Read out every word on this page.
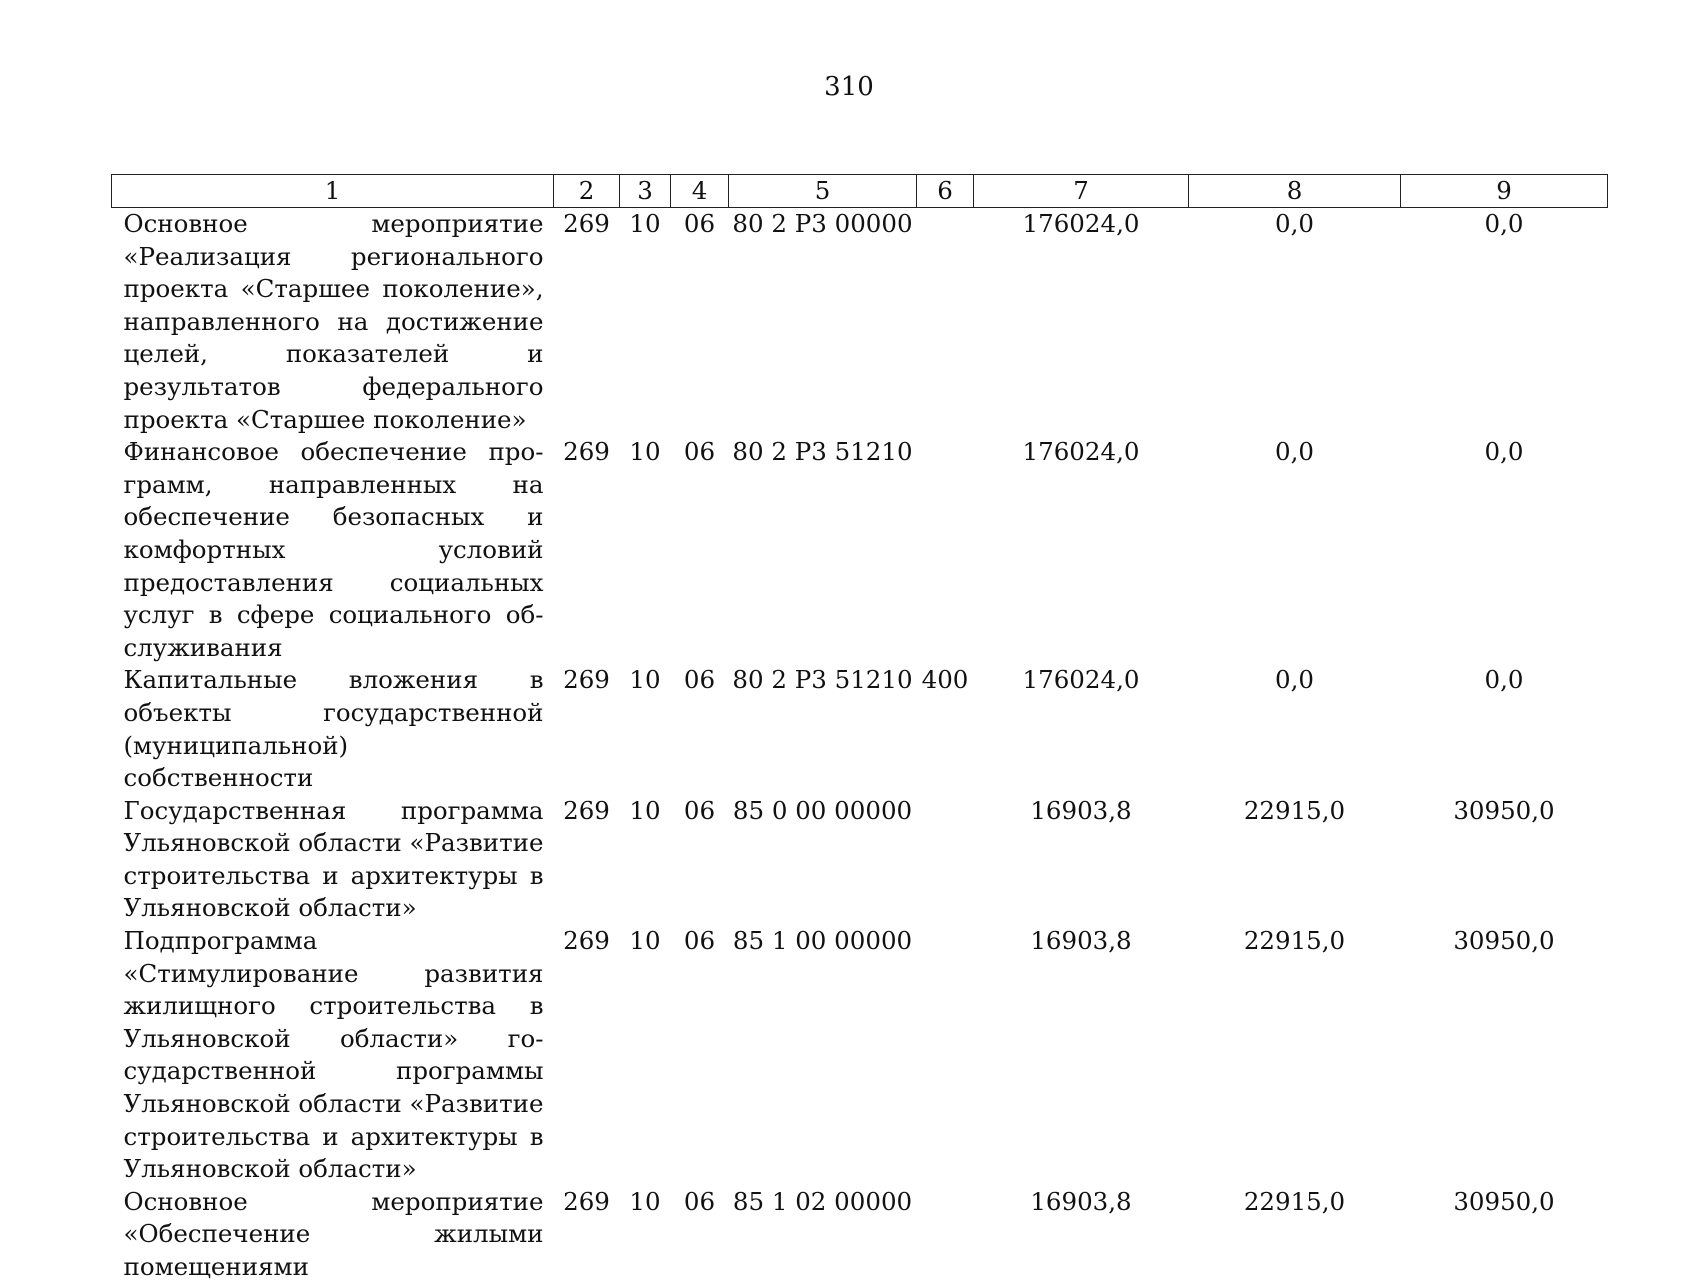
310
1	2	3	4	5	6	7	8	9
Основное мероприятие «Реализация регионального проекта «Старшее поколение», направленного на достижение целей, показателей и результатов федерального проекта «Старшее поколение»	269	10	06	80 2 P3 00000		176024,0	0,0	0,0
Финансовое обеспечение программ, направленных на обеспечение безопасных и комфортных условий предоставления социальных услуг в сфере социального обслуживания	269	10	06	80 2 P3 51210		176024,0	0,0	0,0
Капитальные вложения в объекты государственной (муниципальной) собственности	269	10	06	80 2 P3 51210	400	176024,0	0,0	0,0
Государственная программа Ульяновской области «Развитие строительства и архитектуры в Ульяновской области»	269	10	06	85 0 00 00000		16903,8	22915,0	30950,0
Подпрограмма «Стимулирование развития жилищного строительства в Ульяновской области» государственной программы Ульяновской области «Развитие строительства и архитектуры в Ульяновской области»	269	10	06	85 1 00 00000		16903,8	22915,0	30950,0
Основное мероприятие «Обеспечение жилыми помещениями	269	10	06	85 1 02 00000		16903,8	22915,0	30950,0
